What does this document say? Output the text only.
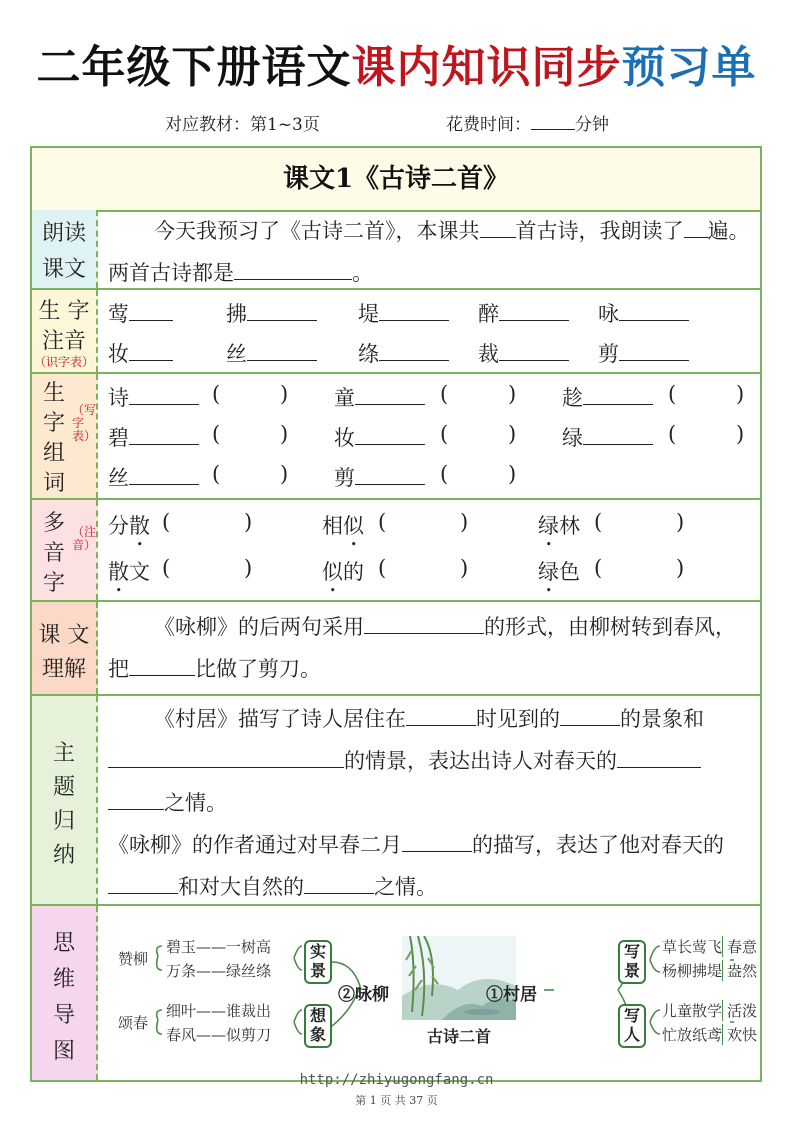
二年级下册语文课内知识同步预习单
对应教材：第1~3页	花费时间：	分钟
课文1《古诗二首》
朗读
课文
今天我预习了《古诗二首》，本课共 首古诗，我朗读了 遍。两首古诗都是	。
生 字
注音
（识字表）
莺	拂	堤	醉	咏
妆	丝	绦	裁	剪
生
字
组
词
（写字表）
诗	(	) 童	(	) 趁	(	)
碧	(	) 妆	(	) 绿	(	)
丝	(	) 剪	(	)
多
音
字
（注音）
分散 (	)	相似 (	)	绿林 (	)
散文 (	)	似的 (	)	绿色 (	)
课 文
理解
《咏柳》的后两句采用	的形式，由柳树转到春风，把	比做了剪刀。
主
题
归
纳
《村居》描写了诗人居住在	时见到的	的景象和的情景，表达出诗人对春天的之情。
《咏柳》的作者通过对早春二月	的描写，表达了他对春天的和对大自然的	之情。
思
维
导
图
赞柳
碧玉——一树高
万条——绿丝绦
颂春
细叶——谁裁出
春风——似剪刀
实景
想象
②咏柳
古诗二首
①村居
写景
写人
草长莺飞
杨柳拂堤
儿童散学
忙放纸鸢
春意
盎然
活泼
欢快
http://zhiyugongfang.cn
第 1 页 共 37 页
